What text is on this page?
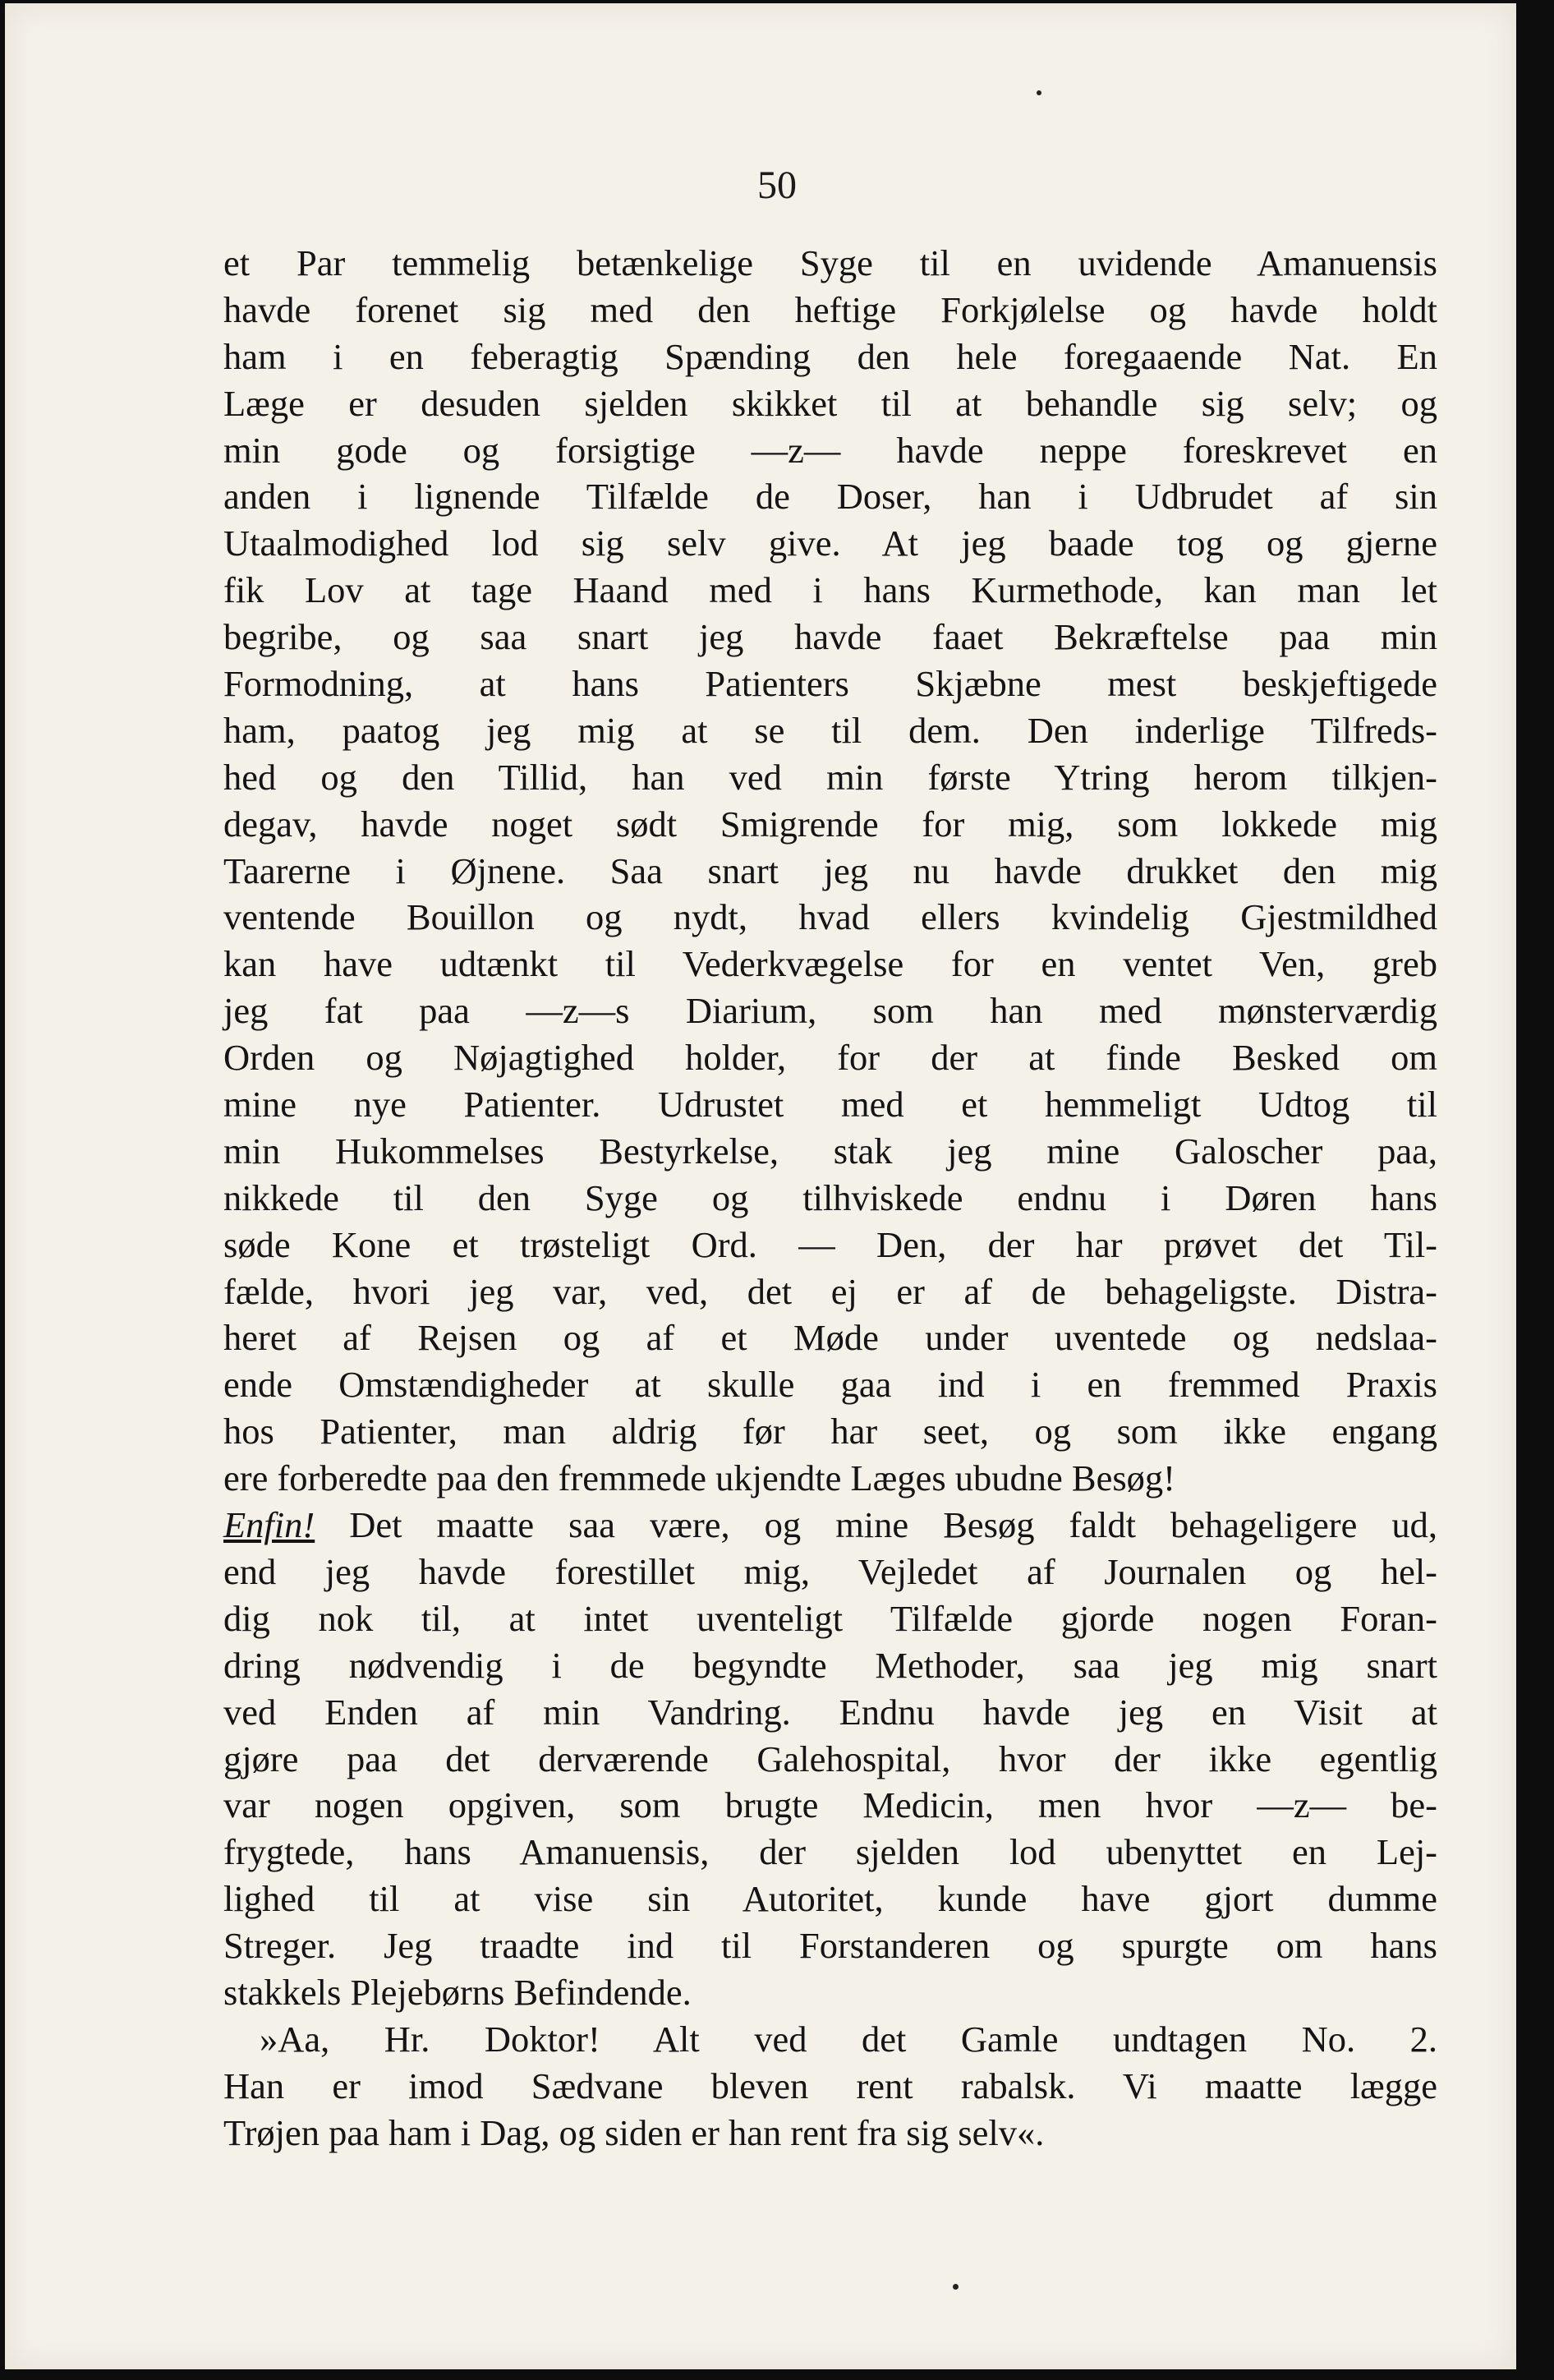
50

et Par temmelig betænkelige Syge til en uvidende Amanuensis
havde forenet sig med den heftige Forkjølelse og havde holdt
ham i en feberagtig Spænding den hele foregaaende Nat. En
Læge er desuden sjelden skikket til at behandle sig selv; og
min gode og forsigtige —z— havde neppe foreskrevet en
anden i lignende Tilfælde de Doser, han i Udbrudet af sin
Utaalmodighed lod sig selv give. At jeg baade tog og gjerne
fik Lov at tage Haand med i hans Kurmethode, kan man let
begribe, og saa snart jeg havde faaet Bekræftelse paa min
Formodning, at hans Patienters Skjæbne mest beskjeftigede
ham, paatog jeg mig at se til dem. Den inderlige Tilfreds-
hed og den Tillid, han ved min første Ytring herom tilkjen-
degav, havde noget sødt Smigrende for mig, som lokkede mig
Taarerne i Øjnene. Saa snart jeg nu havde drukket den mig
ventende Bouillon og nydt, hvad ellers kvindelig Gjestmildhed
kan have udtænkt til Vederkvægelse for en ventet Ven, greb
jeg fat paa —z—s Diarium, som han med mønsterværdig
Orden og Nøjagtighed holder, for der at finde Besked om
mine nye Patienter. Udrustet med et hemmeligt Udtog til
min Hukommelses Bestyrkelse, stak jeg mine Galoscher paa,
nikkede til den Syge og tilhviskede endnu i Døren hans
søde Kone et trøsteligt Ord. — Den, der har prøvet det Til-
fælde, hvori jeg var, ved, det ej er af de behageligste. Distra-
heret af Rejsen og af et Møde under uventede og nedslaa-
ende Omstændigheder at skulle gaa ind i en fremmed Praxis
hos Patienter, man aldrig før har seet, og som ikke engang
ere forberedte paa den fremmede ukjendte Læges ubudne Besøg!

Enfin! Det maatte saa være, og mine Besøg faldt behageligere ud,
end jeg havde forestillet mig, Vejledet af Journalen og hel-
dig nok til, at intet uventeligt Tilfælde gjorde nogen Foran-
dring nødvendig i de begyndte Methoder, saa jeg mig snart
ved Enden af min Vandring. Endnu havde jeg en Visit at
gjøre paa det derværende Galehospital, hvor der ikke egentlig
var nogen opgiven, som brugte Medicin, men hvor —z— be-
frygtede, hans Amanuensis, der sjelden lod ubenyttet en Lej-
lighed til at vise sin Autoritet, kunde have gjort dumme
Streger. Jeg traadte ind til Forstanderen og spurgte om hans
stakkels Plejebørns Befindende.

»Aa, Hr. Doktor! Alt ved det Gamle undtagen No. 2.
Han er imod Sædvane bleven rent rabalsk. Vi maatte lægge
Trøjen paa ham i Dag, og siden er han rent fra sig selv«.
